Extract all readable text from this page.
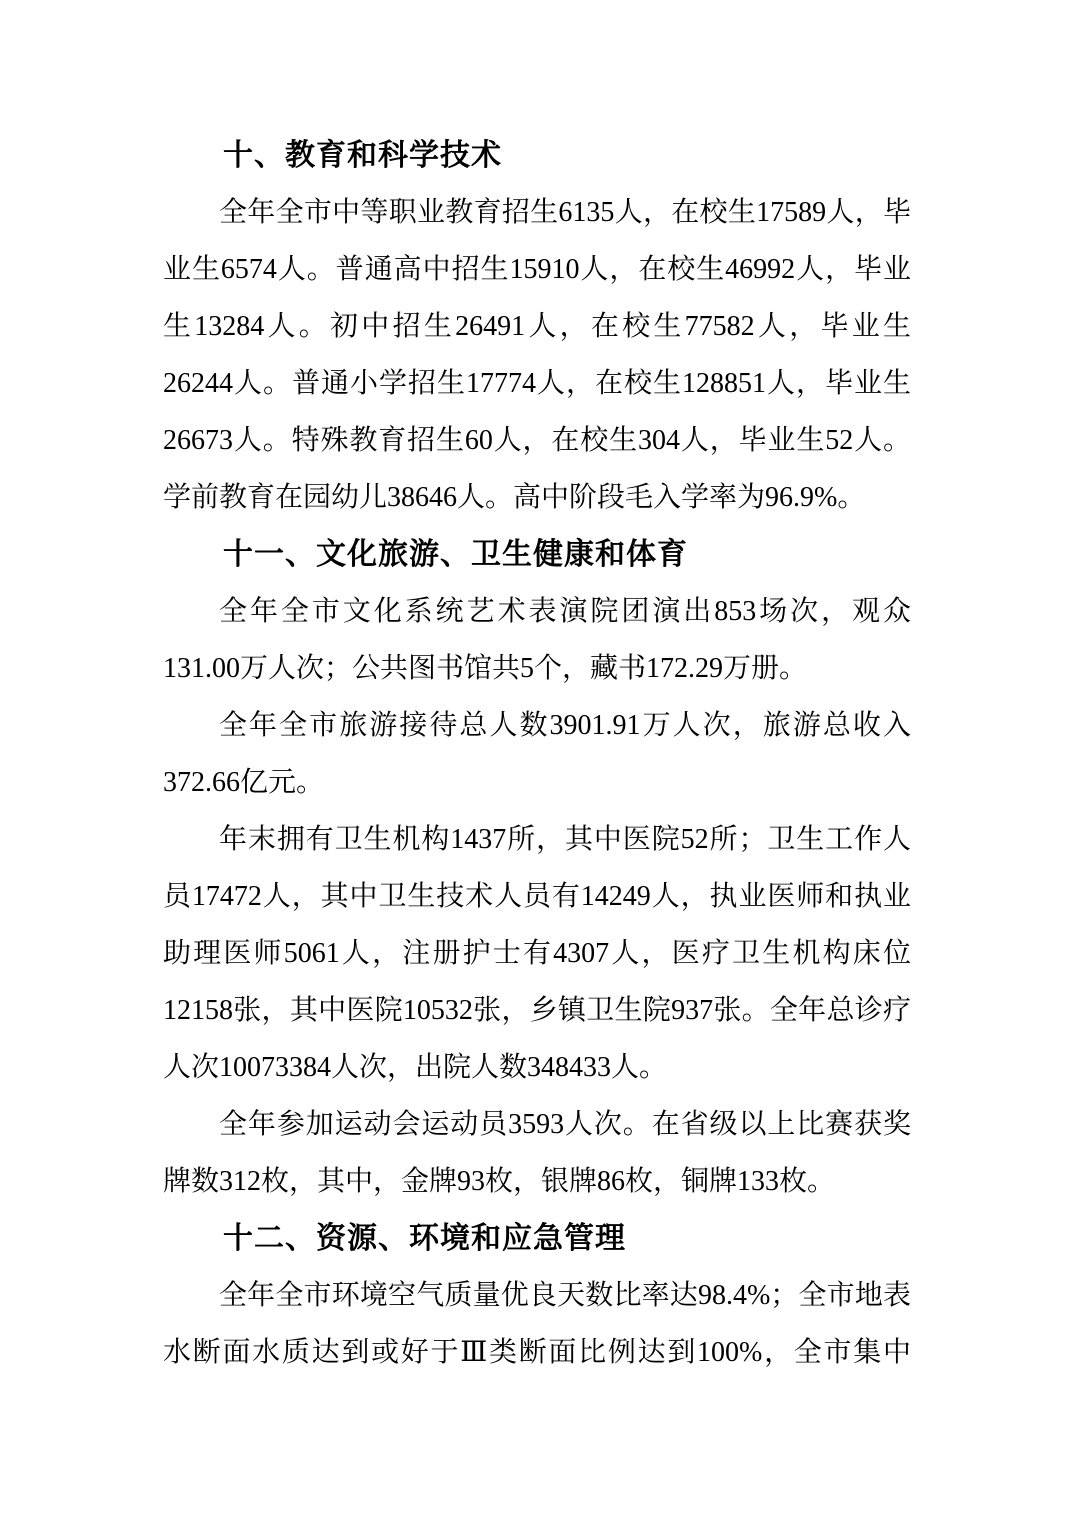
十、教育和科学技术

全年全市中等职业教育招生6135人，在校生17589人，毕业生6574人。普通高中招生15910人，在校生46992人，毕业生13284人。初中招生26491人，在校生77582人，毕业生26244人。普通小学招生17774人，在校生128851人，毕业生26673人。特殊教育招生60人，在校生304人，毕业生52人。学前教育在园幼儿38646人。高中阶段毛入学率为96.9%。

十一、文化旅游、卫生健康和体育

全年全市文化系统艺术表演院团演出853场次，观众131.00万人次；公共图书馆共5个，藏书172.29万册。

全年全市旅游接待总人数3901.91万人次，旅游总收入372.66亿元。

年末拥有卫生机构1437所，其中医院52所；卫生工作人员17472人，其中卫生技术人员有14249人，执业医师和执业助理医师5061人，注册护士有4307人，医疗卫生机构床位12158张，其中医院10532张，乡镇卫生院937张。全年总诊疗人次10073384人次，出院人数348433人。

全年参加运动会运动员3593人次。在省级以上比赛获奖牌数312枚，其中，金牌93枚，银牌86枚，铜牌133枚。

十二、资源、环境和应急管理

全年全市环境空气质量优良天数比率达98.4%；全市地表水断面水质达到或好于Ⅲ类断面比例达到100%，全市集中
